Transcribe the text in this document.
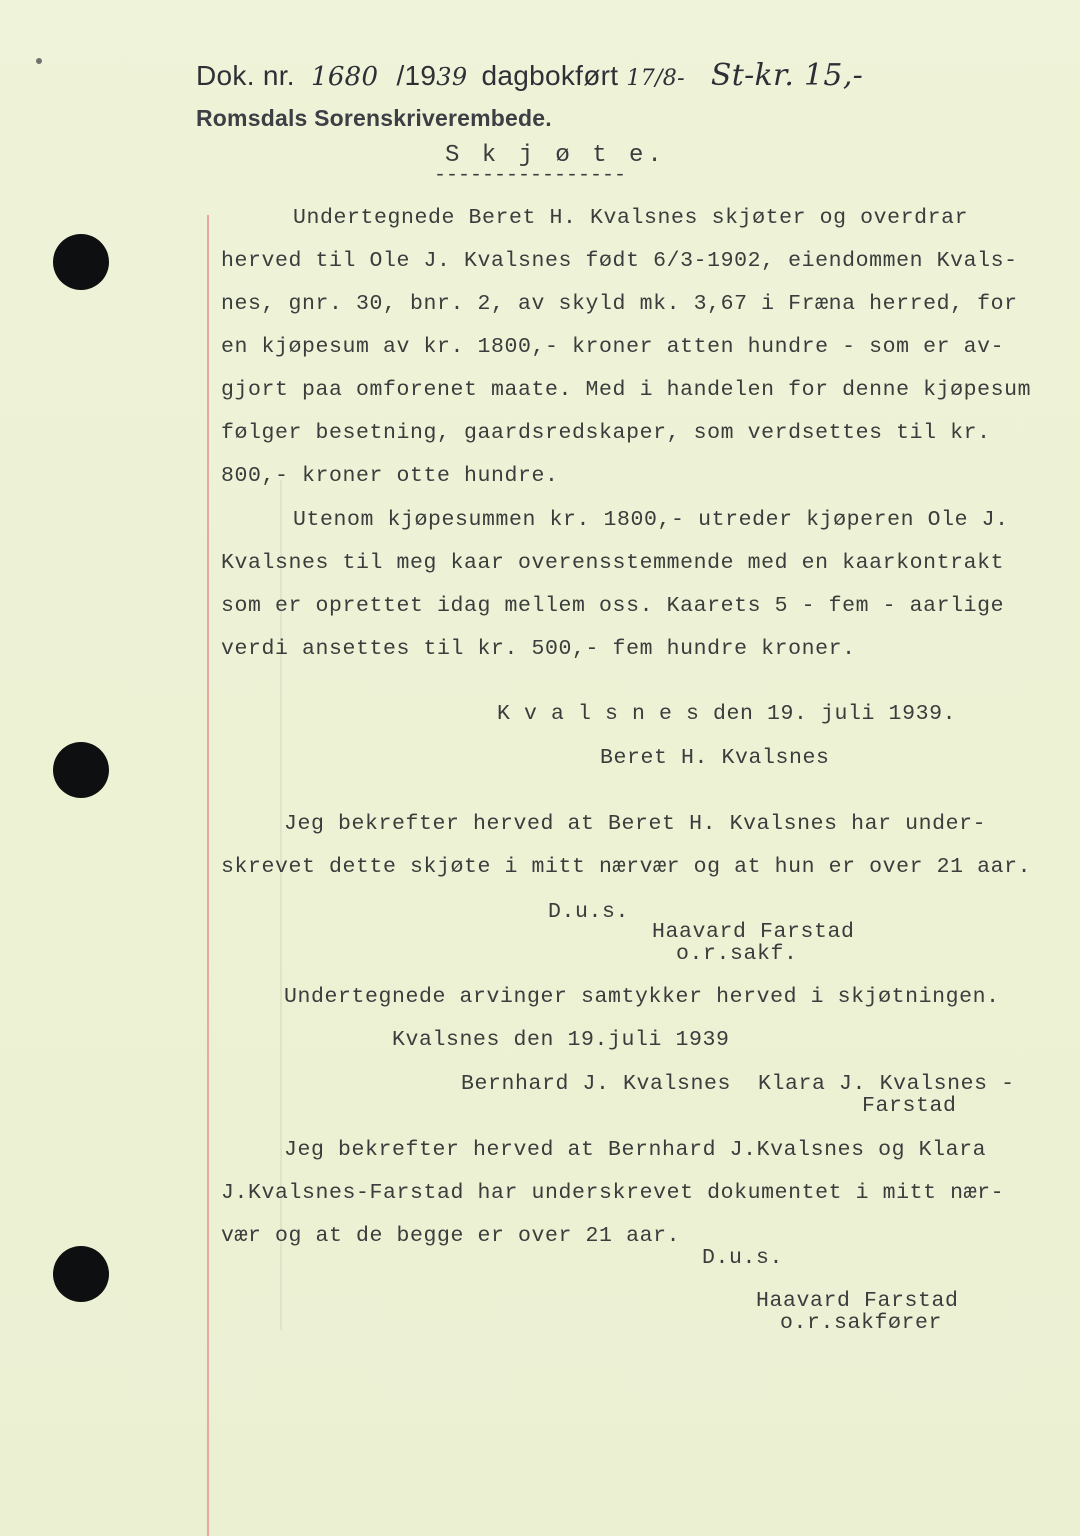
Dok. nr. 1680 /1939 dagbokført 17/8- St-kr. 15,-
Romsdals Sorenskriverembede.
S k j ø t e.
----------------
Undertegnede Beret H. Kvalsnes skjøter og overdrar
herved til Ole J. Kvalsnes født 6/3-1902, eiendommen Kvals-
nes, gnr. 30, bnr. 2, av skyld mk. 3,67 i Fræna herred, for
en kjøpesum av kr. 1800,- kroner atten hundre - som er av-
gjort paa omforenet maate. Med i handelen for denne kjøpesum
følger besetning, gaardsredskaper, som verdsettes til kr.
800,- kroner otte hundre.
Utenom kjøpesummen kr. 1800,- utreder kjøperen Ole J.
Kvalsnes til meg kaar overensstemmende med en kaarkontrakt
som er oprettet idag mellem oss. Kaarets 5 - fem - aarlige
verdi ansettes til kr. 500,- fem hundre kroner.
K v a l s n e s den 19. juli 1939.
Beret H. Kvalsnes
Jeg bekrefter herved at Beret H. Kvalsnes har under-
skrevet dette skjøte i mitt nærvær og at hun er over 21 aar.
D.u.s.
Haavard Farstad
o.r.sakf.
Undertegnede arvinger samtykker herved i skjøtningen.
Kvalsnes den 19.juli 1939
Bernhard J. Kvalsnes  Klara J. Kvalsnes -
Farstad
Jeg bekrefter herved at Bernhard J.Kvalsnes og Klara
J.Kvalsnes-Farstad har underskrevet dokumentet i mitt nær-
vær og at de begge er over 21 aar.
D.u.s.
Haavard Farstad
o.r.sakfører
